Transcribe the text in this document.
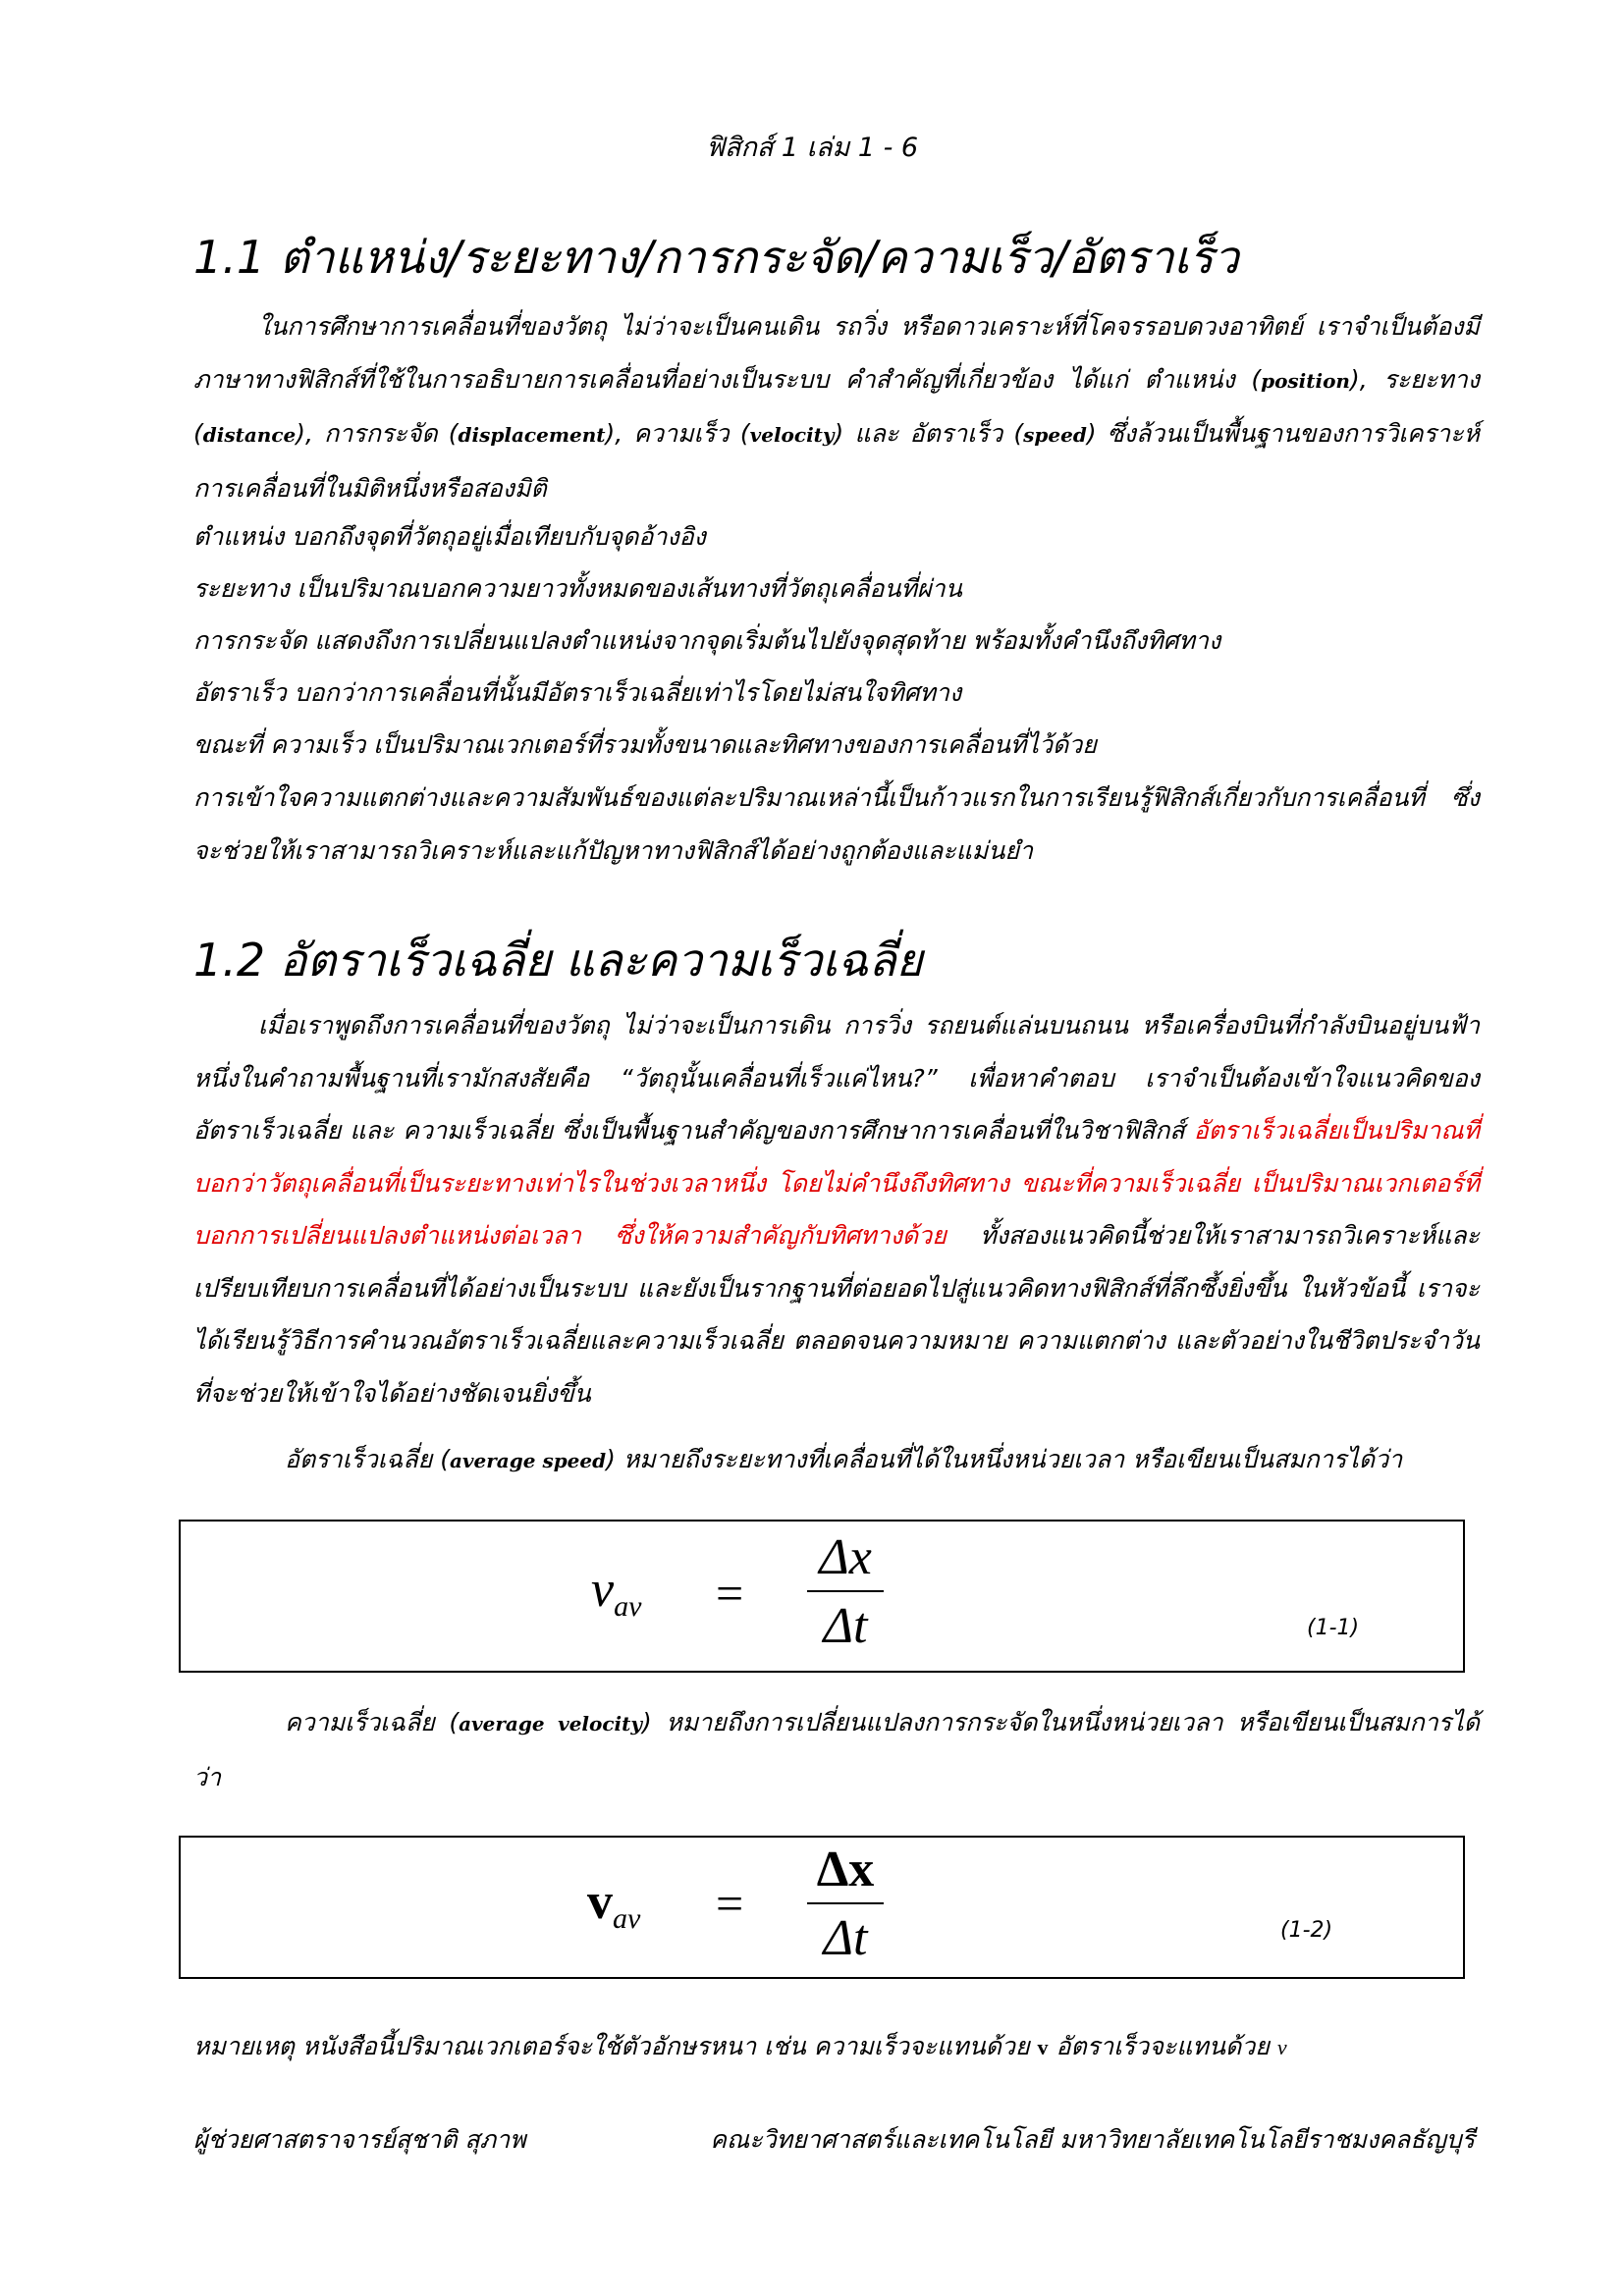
ฟิสิกส์ 1 เล่ม 1 - 6
1.1 ตำแหน่ง/ระยะทาง/การกระจัด/ความเร็ว/อัตราเร็ว

ในการศึกษาการเคลื่อนที่ของวัตถุ ไม่ว่าจะเป็นคนเดิน รถวิ่ง หรือดาวเคราะห์ที่โคจรรอบดวงอาทิตย์ เราจำเป็นต้องมีภาษาทางฟิสิกส์ที่ใช้ในการอธิบายการเคลื่อนที่อย่างเป็นระบบ คำสำคัญที่เกี่ยวข้อง ได้แก่ ตำแหน่ง (position), ระยะทาง (distance), การกระจัด (displacement), ความเร็ว (velocity) และ อัตราเร็ว (speed) ซึ่งล้วนเป็นพื้นฐานของการวิเคราะห์การเคลื่อนที่ในมิติหนึ่งหรือสองมิติ

ตำแหน่ง บอกถึงจุดที่วัตถุอยู่เมื่อเทียบกับจุดอ้างอิง
ระยะทาง เป็นปริมาณบอกความยาวทั้งหมดของเส้นทางที่วัตถุเคลื่อนที่ผ่าน
การกระจัด แสดงถึงการเปลี่ยนแปลงตำแหน่งจากจุดเริ่มต้นไปยังจุดสุดท้าย พร้อมทั้งคำนึงถึงทิศทาง
อัตราเร็ว บอกว่าการเคลื่อนที่นั้นมีอัตราเร็วเฉลี่ยเท่าไรโดยไม่สนใจทิศทาง
ขณะที่ ความเร็ว เป็นปริมาณเวกเตอร์ที่รวมทั้งขนาดและทิศทางของการเคลื่อนที่ไว้ด้วย

การเข้าใจความแตกต่างและความสัมพันธ์ของแต่ละปริมาณเหล่านี้เป็นก้าวแรกในการเรียนรู้ฟิสิกส์เกี่ยวกับการเคลื่อนที่ ซึ่งจะช่วยให้เราสามารถวิเคราะห์และแก้ปัญหาทางฟิสิกส์ได้อย่างถูกต้องและแม่นยำ

1.2 อัตราเร็วเฉลี่ย และความเร็วเฉลี่ย

เมื่อเราพูดถึงการเคลื่อนที่ของวัตถุ ไม่ว่าจะเป็นการเดิน การวิ่ง รถยนต์แล่นบนถนน หรือเครื่องบินที่กำลังบินอยู่บนฟ้า หนึ่งในคำถามพื้นฐานที่เรามักสงสัยคือ “วัตถุนั้นเคลื่อนที่เร็วแค่ไหน?” เพื่อหาคำตอบ เราจำเป็นต้องเข้าใจแนวคิดของ อัตราเร็วเฉลี่ย และ ความเร็วเฉลี่ย ซึ่งเป็นพื้นฐานสำคัญของการศึกษาการเคลื่อนที่ในวิชาฟิสิกส์ อัตราเร็วเฉลี่ยเป็นปริมาณที่บอกว่าวัตถุเคลื่อนที่เป็นระยะทางเท่าไรในช่วงเวลาหนึ่ง โดยไม่คำนึงถึงทิศทาง ขณะที่ความเร็วเฉลี่ย เป็นปริมาณเวกเตอร์ที่บอกการเปลี่ยนแปลงตำแหน่งต่อเวลา ซึ่งให้ความสำคัญกับทิศทางด้วย ทั้งสองแนวคิดนี้ช่วยให้เราสามารถวิเคราะห์และเปรียบเทียบการเคลื่อนที่ได้อย่างเป็นระบบ และยังเป็นรากฐานที่ต่อยอดไปสู่แนวคิดทางฟิสิกส์ที่ลึกซึ้งยิ่งขึ้น ในหัวข้อนี้ เราจะได้เรียนรู้วิธีการคำนวณอัตราเร็วเฉลี่ยและความเร็วเฉลี่ย ตลอดจนความหมาย ความแตกต่าง และตัวอย่างในชีวิตประจำวันที่จะช่วยให้เข้าใจได้อย่างชัดเจนยิ่งขึ้น

อัตราเร็วเฉลี่ย (average speed) หมายถึงระยะทางที่เคลื่อนที่ได้ในหนึ่งหน่วยเวลา หรือเขียนเป็นสมการได้ว่า
$v_{av} = \frac{\Delta x}{\Delta t}$	(1-1)

ความเร็วเฉลี่ย (average velocity) หมายถึงการเปลี่ยนแปลงการกระจัดในหนึ่งหน่วยเวลา หรือเขียนเป็นสมการได้ว่า

$v_{av} = \frac{\Delta x}{\Delta t}$	(1-2)
หมายเหตุ หนังสือนี้ปริมาณเวกเตอร์จะใช้ตัวอักษรหนา เช่น ความเร็วจะแทนด้วย v อัตราเร็วจะแทนด้วย v
ผู้ช่วยศาสตราจารย์สุชาติ สุภาพ	คณะวิทยาศาสตร์และเทคโนโลยี มหาวิทยาลัยเทคโนโลยีราชมงคลธัญบุรี
